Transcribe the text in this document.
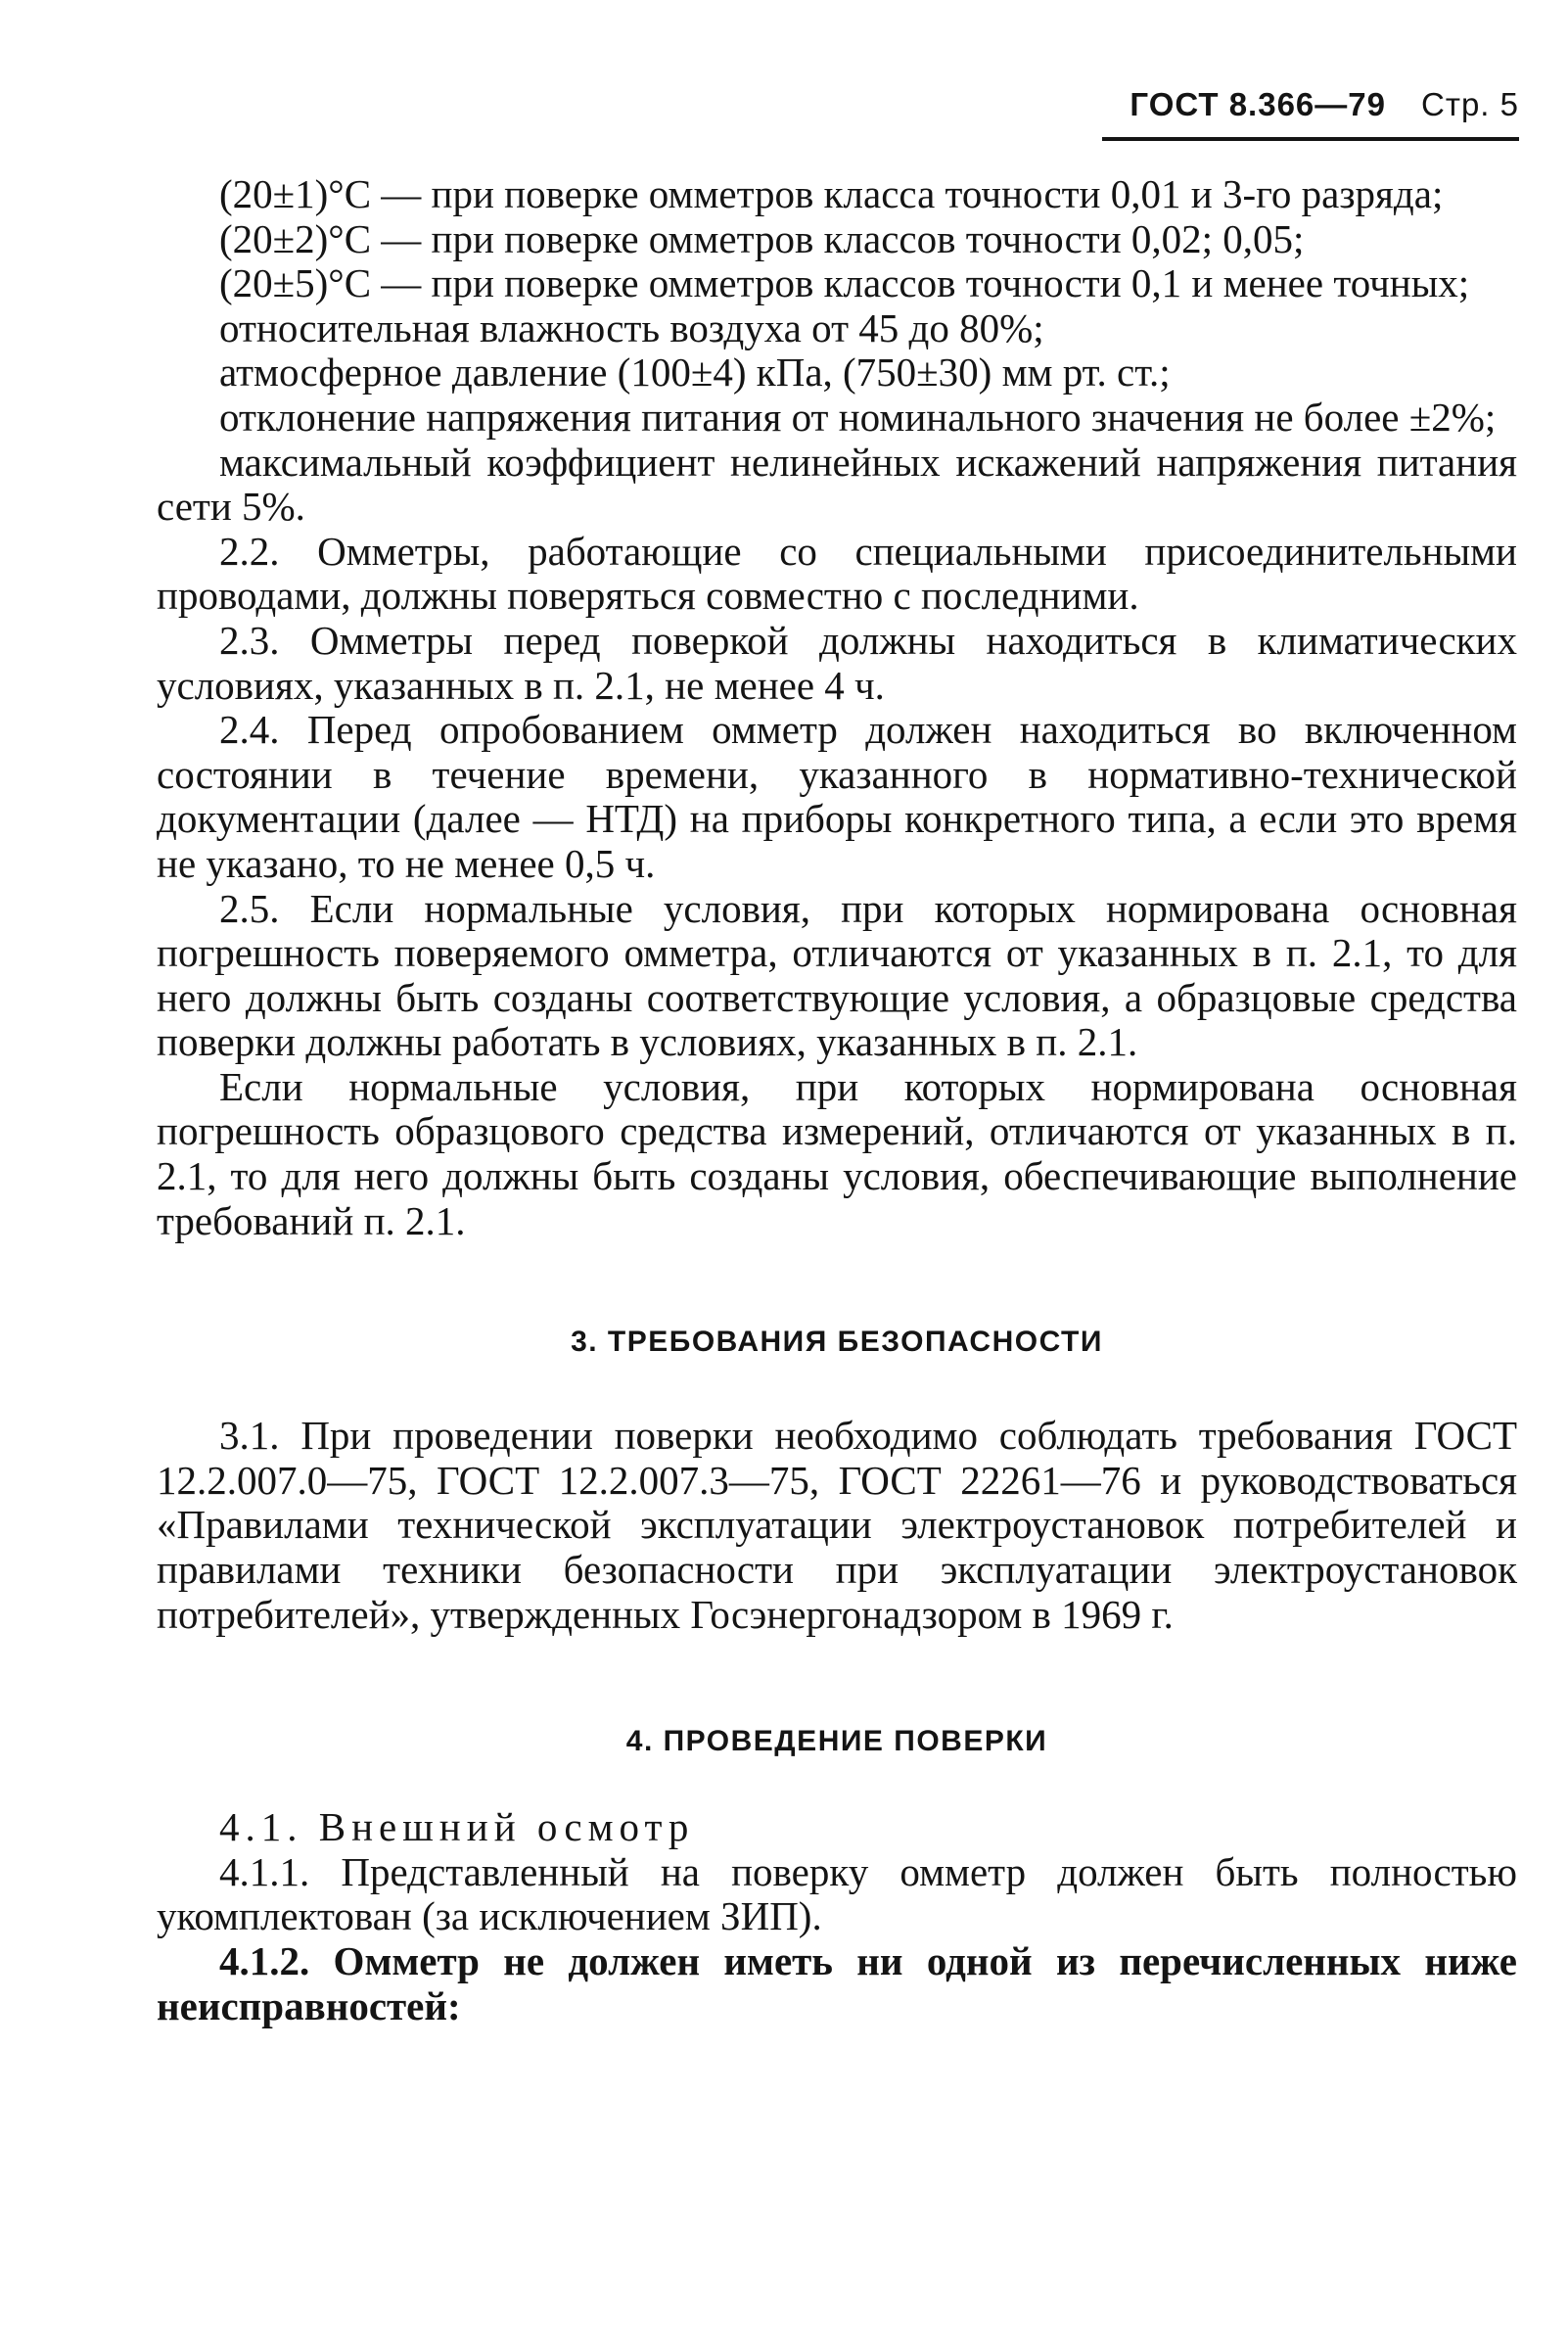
ГОСТ 8.366—79 Стр. 5

(20±1)°С — при поверке омметров класса точности 0,01 и 3-го разряда;

(20±2)°С — при поверке омметров классов точности 0,02; 0,05;

(20±5)°С — при поверке омметров классов точности 0,1 и менее точных;

относительная влажность воздуха от 45 до 80%;

атмосферное давление (100±4) кПа, (750±30) мм рт. ст.;

отклонение напряжения питания от номинального значения не более ±2%;

максимальный коэффициент нелинейных искажений напряжения питания сети 5%.

2.2. Омметры, работающие со специальными присоединительными проводами, должны поверяться совместно с последними.

2.3. Омметры перед поверкой должны находиться в климатических условиях, указанных в п. 2.1, не менее 4 ч.

2.4. Перед опробованием омметр должен находиться во включенном состоянии в течение времени, указанного в нормативно-технической документации (далее — НТД) на приборы конкретного типа, а если это время не указано, то не менее 0,5 ч.

2.5. Если нормальные условия, при которых нормирована основная погрешность поверяемого омметра, отличаются от указанных в п. 2.1, то для него должны быть созданы соответствующие условия, а образцовые средства поверки должны работать в условиях, указанных в п. 2.1.

Если нормальные условия, при которых нормирована основная погрешность образцового средства измерений, отличаются от указанных в п. 2.1, то для него должны быть созданы условия, обеспечивающие выполнение требований п. 2.1.

3. ТРЕБОВАНИЯ БЕЗОПАСНОСТИ

3.1. При проведении поверки необходимо соблюдать требования ГОСТ 12.2.007.0—75, ГОСТ 12.2.007.3—75, ГОСТ 22261—76 и руководствоваться «Правилами технической эксплуатации электроустановок потребителей и правилами техники безопасности при эксплуатации электроустановок потребителей», утвержденных Госэнергонадзором в 1969 г.

4. ПРОВЕДЕНИЕ ПОВЕРКИ

4.1. Внешний осмотр

4.1.1. Представленный на поверку омметр должен быть полностью укомплектован (за исключением ЗИП).

4.1.2. Омметр не должен иметь ни одной из перечисленных ниже неисправностей:
